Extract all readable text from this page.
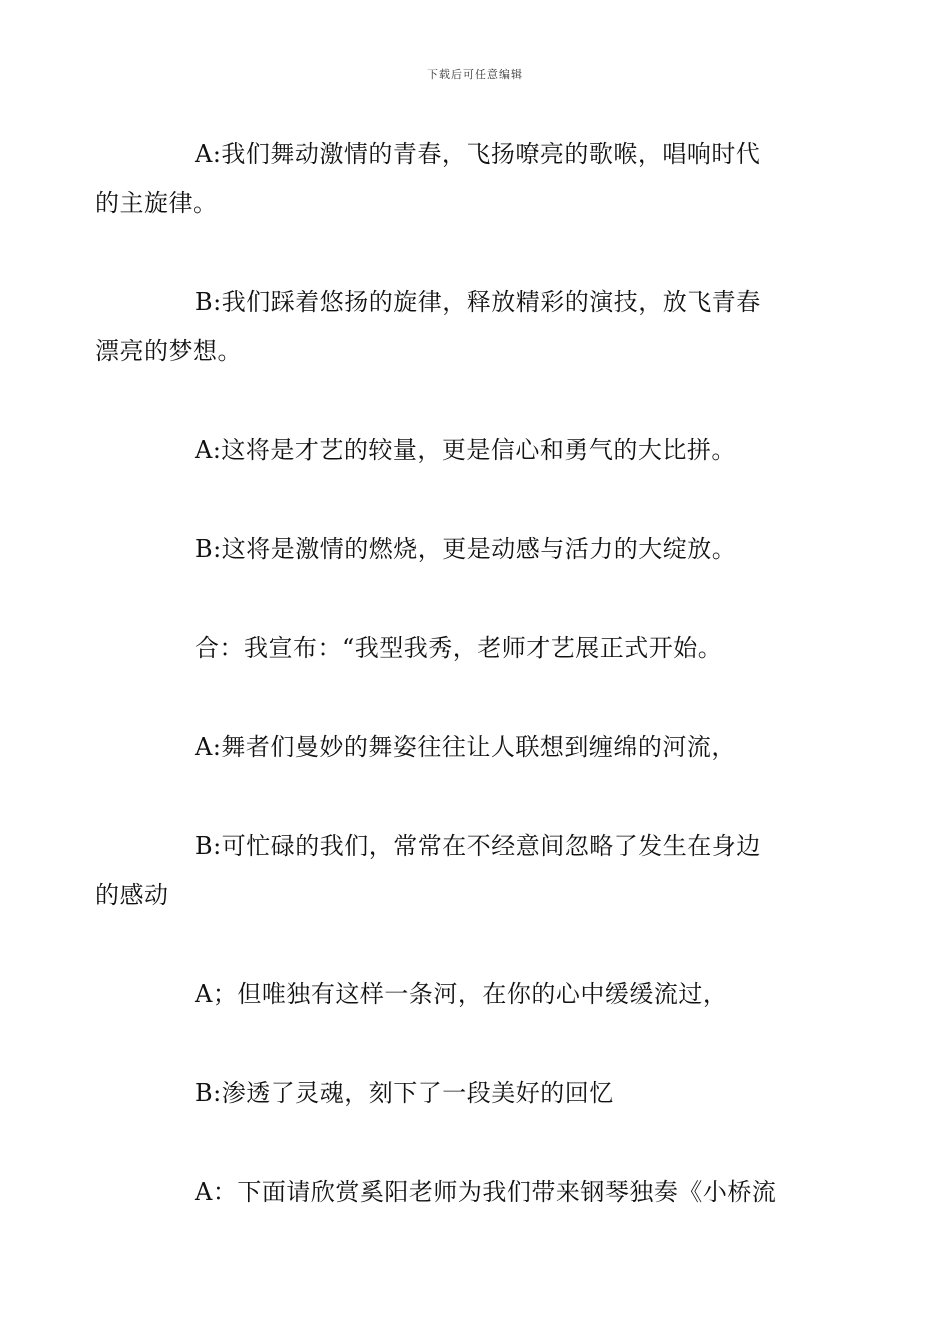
下载后可任意编辑

A:我们舞动激情的青春，飞扬嘹亮的歌喉，唱响时代
的主旋律。

B:我们踩着悠扬的旋律，释放精彩的演技，放飞青春
漂亮的梦想。

A:这将是才艺的较量，更是信心和勇气的大比拼。

B:这将是激情的燃烧，更是动感与活力的大绽放。

合：我宣布：“我型我秀，老师才艺展正式开始。

A:舞者们曼妙的舞姿往往让人联想到缠绵的河流，

B:可忙碌的我们，常常在不经意间忽略了发生在身边
的感动

A；但唯独有这样一条河，在你的心中缓缓流过，

B:渗透了灵魂，刻下了一段美好的回忆

A：下面请欣赏奚阳老师为我们带来钢琴独奏《小桥流
